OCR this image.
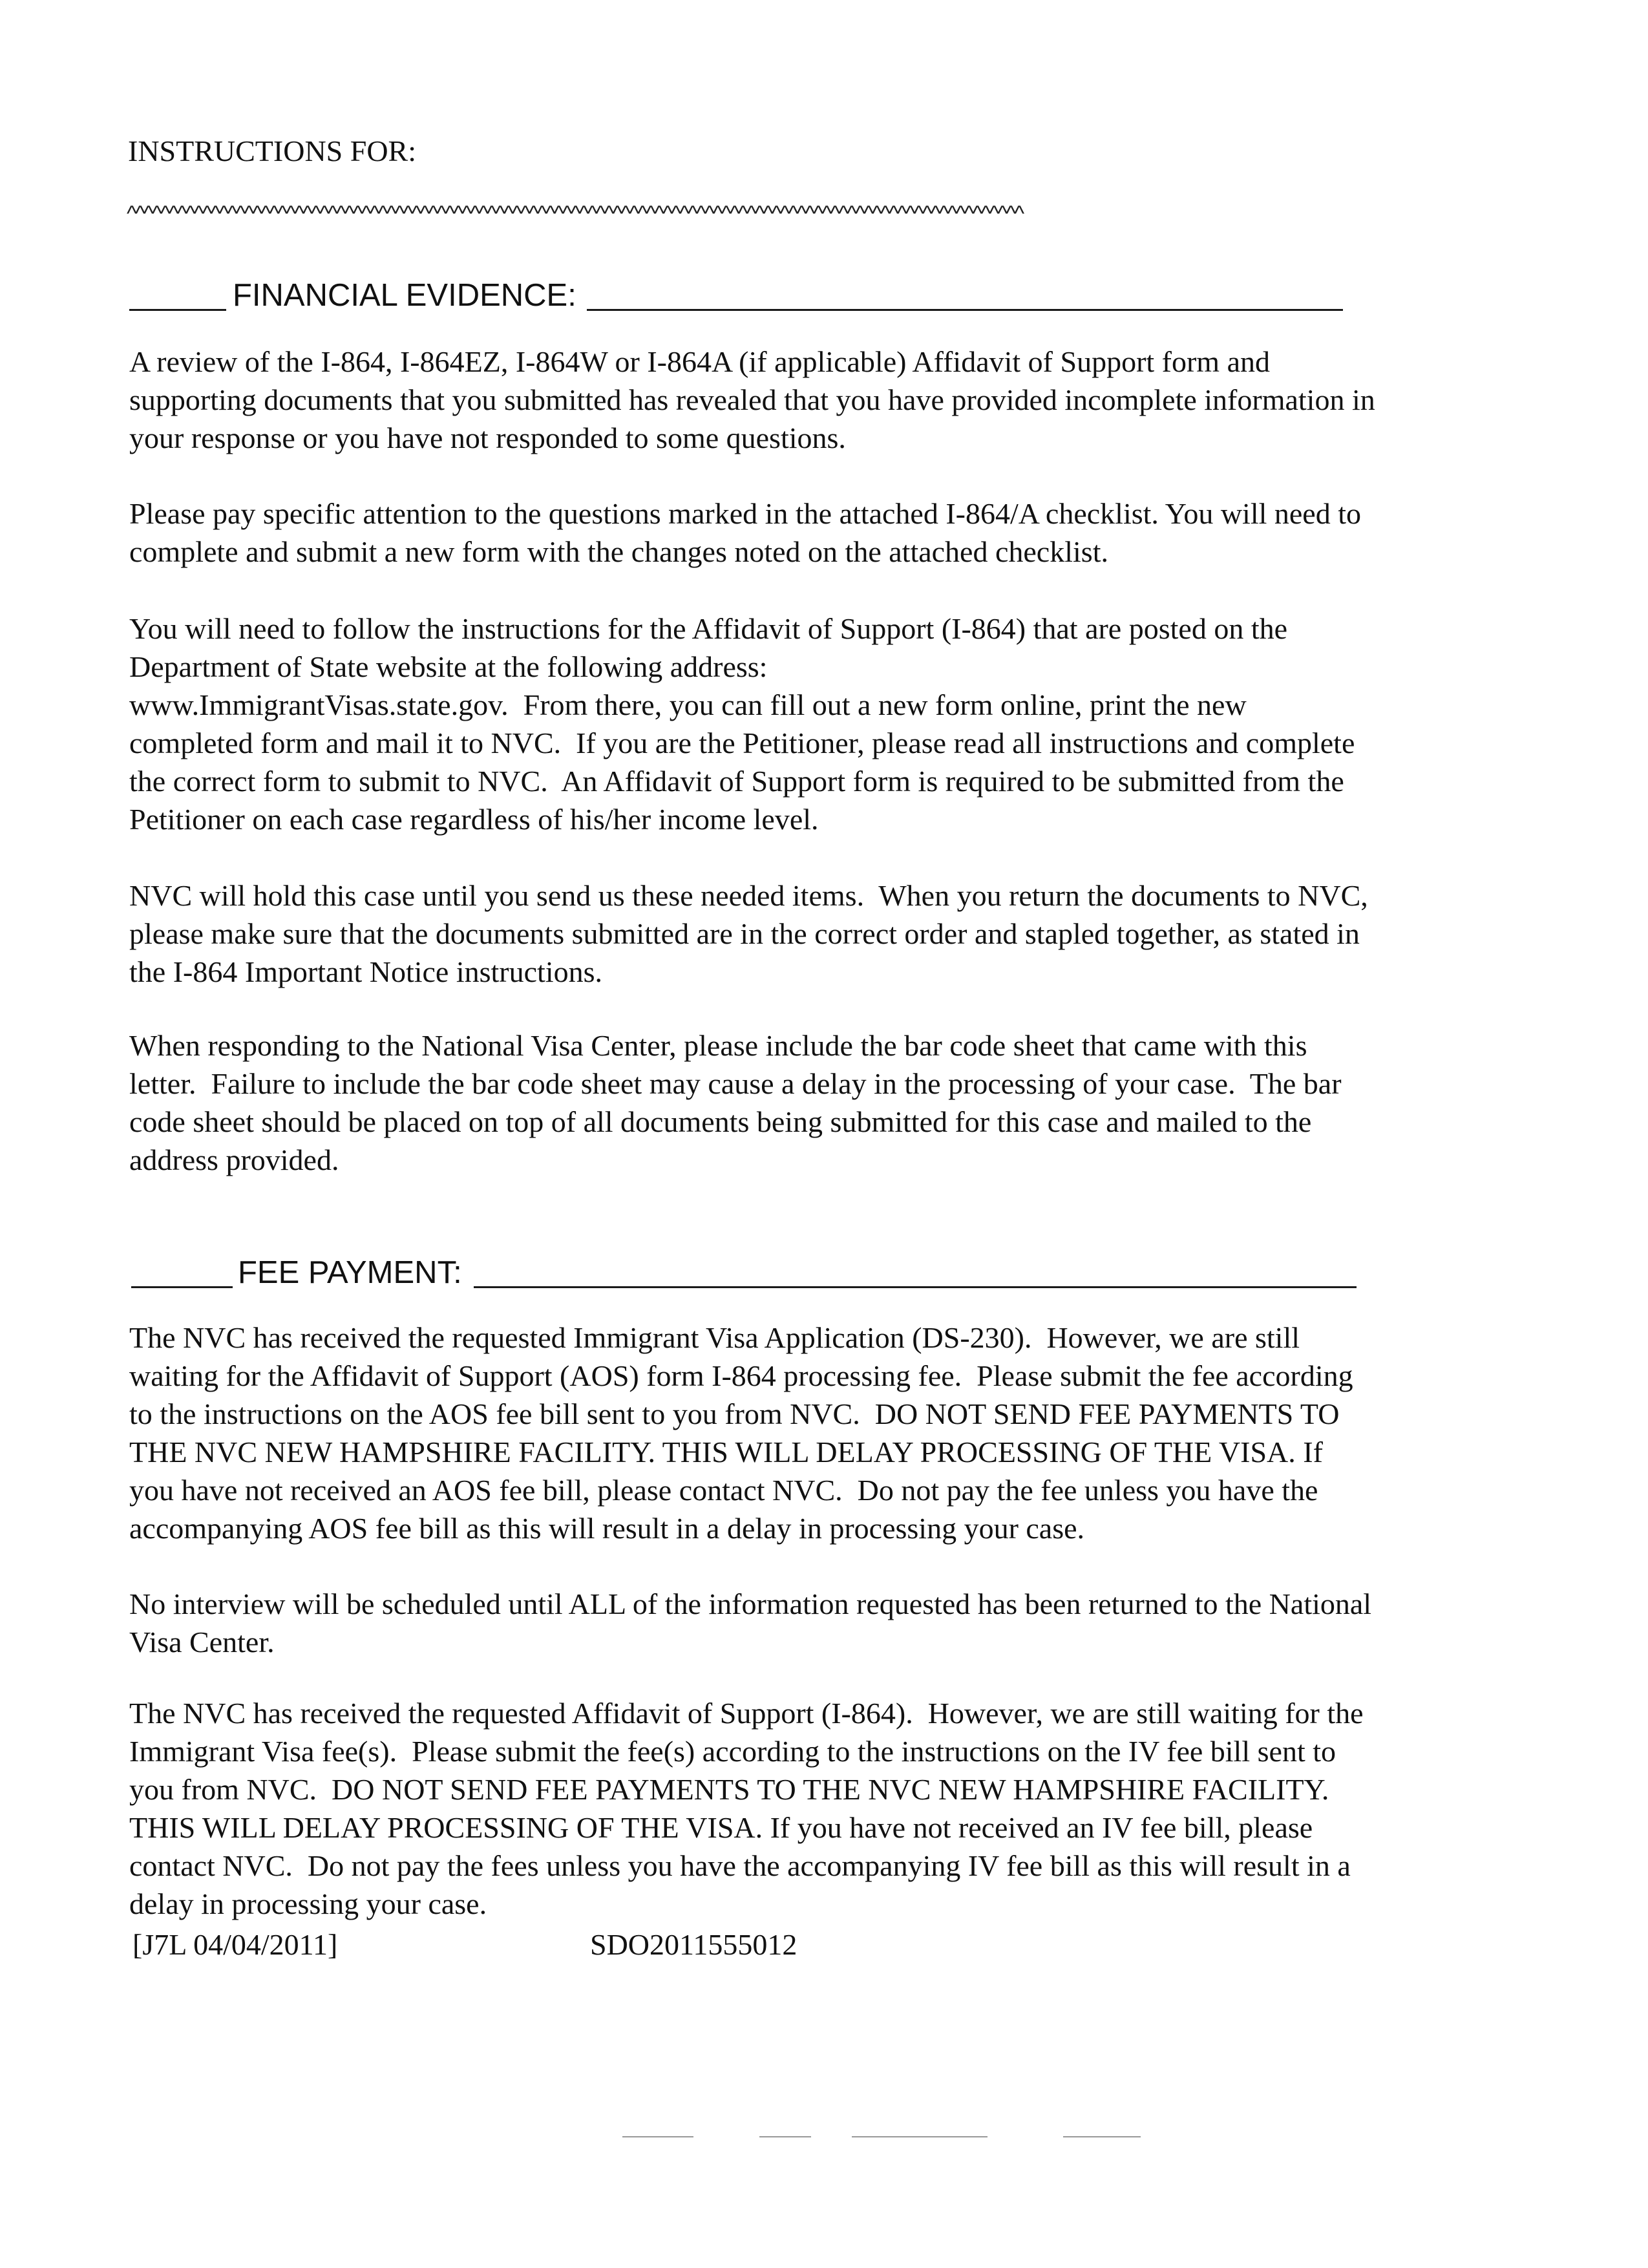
INSTRUCTIONS FOR:
^^^^^^^^^^^^^^^^^^^^^^^^^^^^^^^^^^^^^^^^^^^^^^^^^^^^^^^^^^^^^^^^^^^^^^^^^^^^^^^^^^^^^^^^^^^^^^^^^^^^^^^^^^^
FINANCIAL EVIDENCE:
A review of the I-864, I-864EZ, I-864W or I-864A (if applicable) Affidavit of Support form and
supporting documents that you submitted has revealed that you have provided incomplete information in
your response or you have not responded to some questions.
Please pay specific attention to the questions marked in the attached I-864/A checklist. You will need to
complete and submit a new form with the changes noted on the attached checklist.
You will need to follow the instructions for the Affidavit of Support (I-864) that are posted on the
Department of State website at the following address:
www.ImmigrantVisas.state.gov.  From there, you can fill out a new form online, print the new
completed form and mail it to NVC.  If you are the Petitioner, please read all instructions and complete
the correct form to submit to NVC.  An Affidavit of Support form is required to be submitted from the
Petitioner on each case regardless of his/her income level.
NVC will hold this case until you send us these needed items.  When you return the documents to NVC,
please make sure that the documents submitted are in the correct order and stapled together, as stated in
the I-864 Important Notice instructions.
When responding to the National Visa Center, please include the bar code sheet that came with this
letter.  Failure to include the bar code sheet may cause a delay in the processing of your case.  The bar
code sheet should be placed on top of all documents being submitted for this case and mailed to the
address provided.
FEE PAYMENT:
The NVC has received the requested Immigrant Visa Application (DS-230).  However, we are still
waiting for the Affidavit of Support (AOS) form I-864 processing fee.  Please submit the fee according
to the instructions on the AOS fee bill sent to you from NVC.  DO NOT SEND FEE PAYMENTS TO
THE NVC NEW HAMPSHIRE FACILITY. THIS WILL DELAY PROCESSING OF THE VISA. If
you have not received an AOS fee bill, please contact NVC.  Do not pay the fee unless you have the
accompanying AOS fee bill as this will result in a delay in processing your case.
No interview will be scheduled until ALL of the information requested has been returned to the National
Visa Center.
The NVC has received the requested Affidavit of Support (I-864).  However, we are still waiting for the
Immigrant Visa fee(s).  Please submit the fee(s) according to the instructions on the IV fee bill sent to
you from NVC.  DO NOT SEND FEE PAYMENTS TO THE NVC NEW HAMPSHIRE FACILITY.
THIS WILL DELAY PROCESSING OF THE VISA. If you have not received an IV fee bill, please
contact NVC.  Do not pay the fees unless you have the accompanying IV fee bill as this will result in a
delay in processing your case.
[J7L 04/04/2011]	SDO2011555012
